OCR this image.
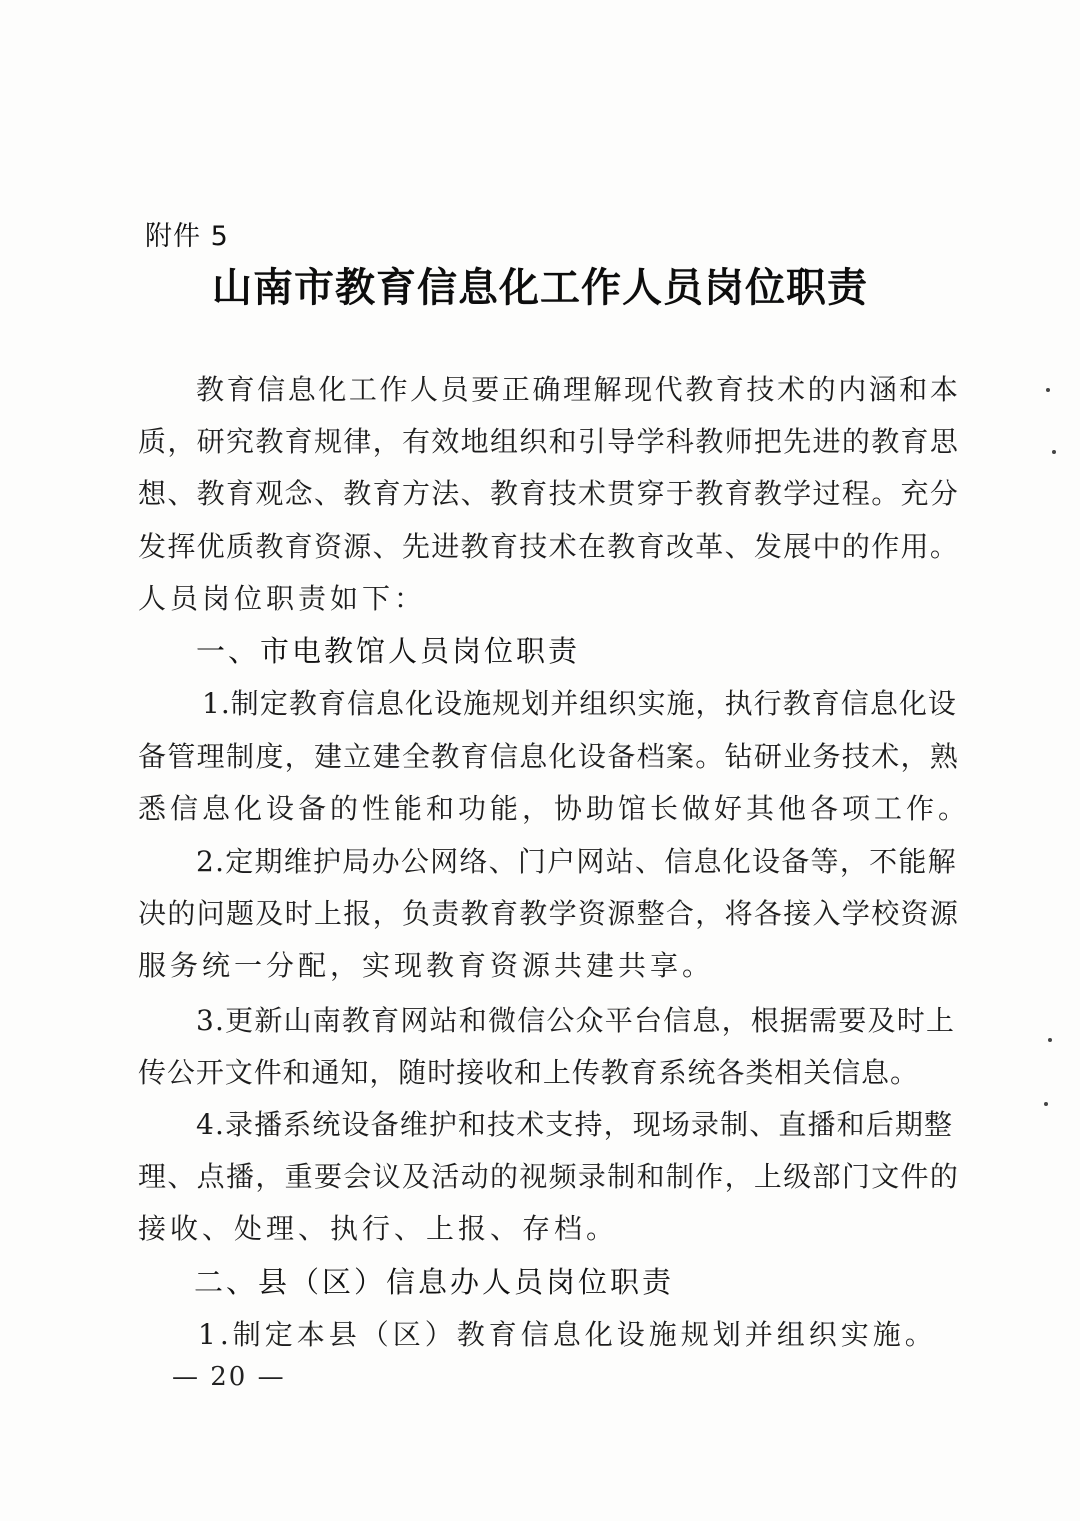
附件 5
山南市教育信息化工作人员岗位职责
教 育 信 息 化 工 作 人 员 要 正 确 理 解 现 代 教 育 技 术 的 内 涵 和 本
质 ， 研 究 教 育 规 律 ， 有 效 地 组 织 和 引 导 学 科 教 师 把 先 进 的 教 育 思
想 、 教 育 观 念 、 教 育 方 法 、 教 育 技 术 贯 穿 于 教 育 教 学 过 程 。 充 分
发 挥 优 质 教 育 资 源 、 先 进 教 育 技 术 在 教 育 改 革 、 发 展 中 的 作 用 。
人员岗位职责如下：
一、市电教馆人员岗位职责
1 . 制 定 教 育 信 息 化 设 施 规 划 并 组 织 实 施 ， 执 行 教 育 信 息 化 设
备 管 理 制 度 ， 建 立 建 全 教 育 信 息 化 设 备 档 案 。 钻 研 业 务 技 术 ， 熟
悉信息化设备的性能和功能，协助馆长做好其他各项工作。
2 . 定 期 维 护 局 办 公 网 络 、 门 户 网 站 、 信 息 化 设 备 等 ， 不 能 解
决 的 问 题 及 时 上 报 ， 负 责 教 育 教 学 资 源 整 合 ， 将 各 接 入 学 校 资 源
服务统一分配，实现教育资源共建共享。
3 . 更 新 山 南 教 育 网 站 和 微 信 公 众 平 台 信 息 ， 根 据 需 要 及 时 上
传 公 开 文 件 和 通 知 ， 随 时 接 收 和 上 传 教 育 系 统 各 类 相 关 信 息 。
4 . 录 播 系 统 设 备 维 护 和 技 术 支 持 ， 现 场 录 制 、 直 播 和 后 期 整
理 、 点 播 ， 重 要 会 议 及 活 动 的 视 频 录 制 和 制 作 ， 上 级 部 门 文 件 的
接收、处理、执行、上报、存档。
二、县（区）信息办人员岗位职责
1.制定本县（区）教育信息化设施规划并组织实施。
— 20 —
